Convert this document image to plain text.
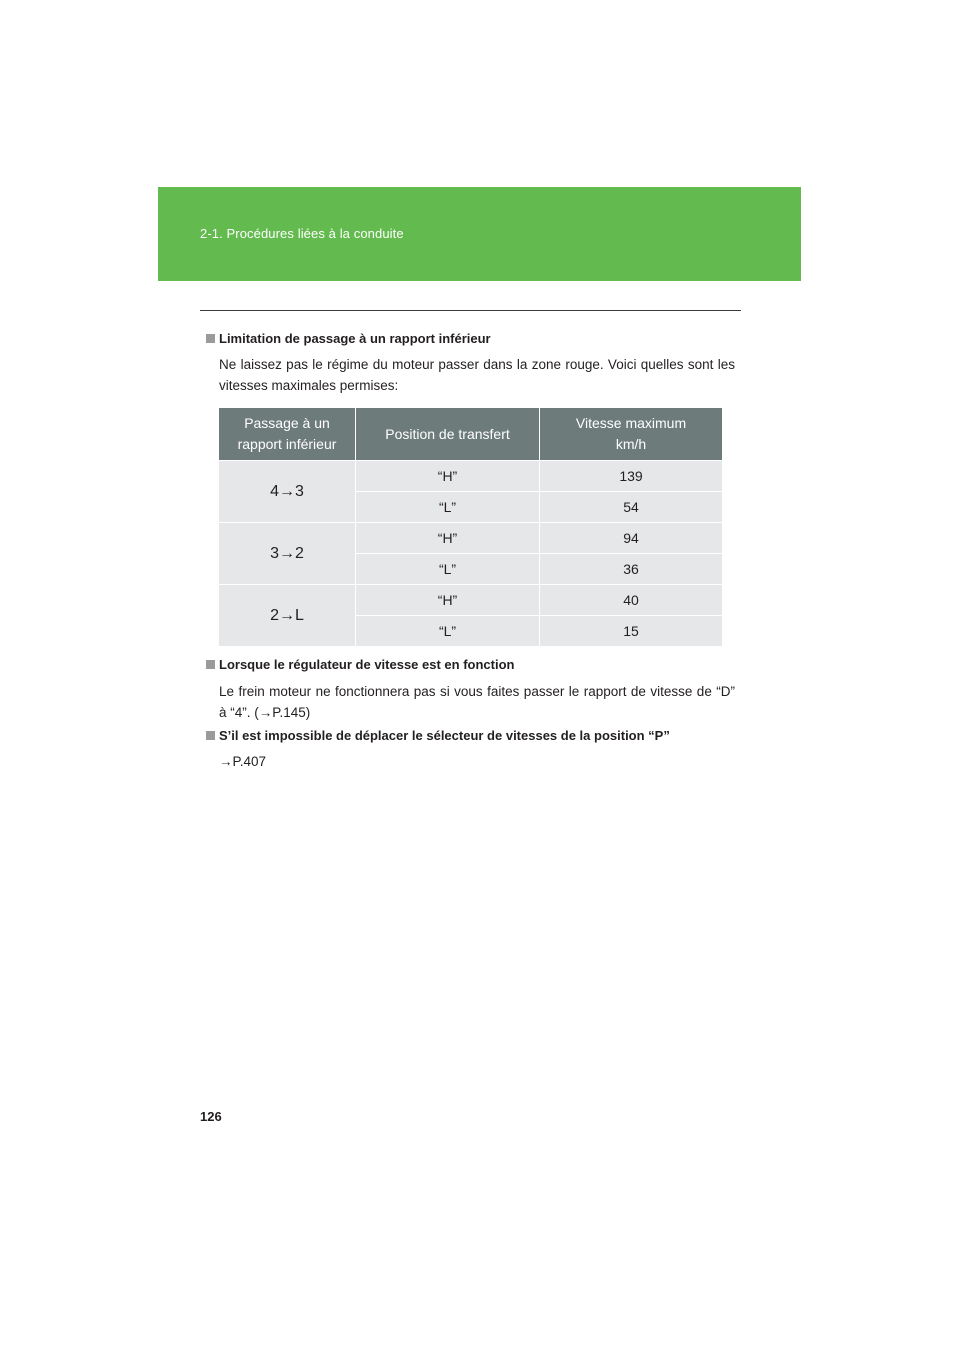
2-1. Procédures liées à la conduite
Limitation de passage à un rapport inférieur
Ne laissez pas le régime du moteur passer dans la zone rouge. Voici quelles sont les vitesses maximales permises:
Passage à un rapport inférieur	Position de transfert	Vitesse maximum km/h
4→3	“H”	139
	“L”	54
3→2	“H”	94
	“L”	36
2→L	“H”	40
	“L”	15
Lorsque le régulateur de vitesse est en fonction
Le frein moteur ne fonctionnera pas si vous faites passer le rapport de vitesse de “D” à “4”. (→P.145)
S’il est impossible de déplacer le sélecteur de vitesses de la position “P”
→P.407
126
